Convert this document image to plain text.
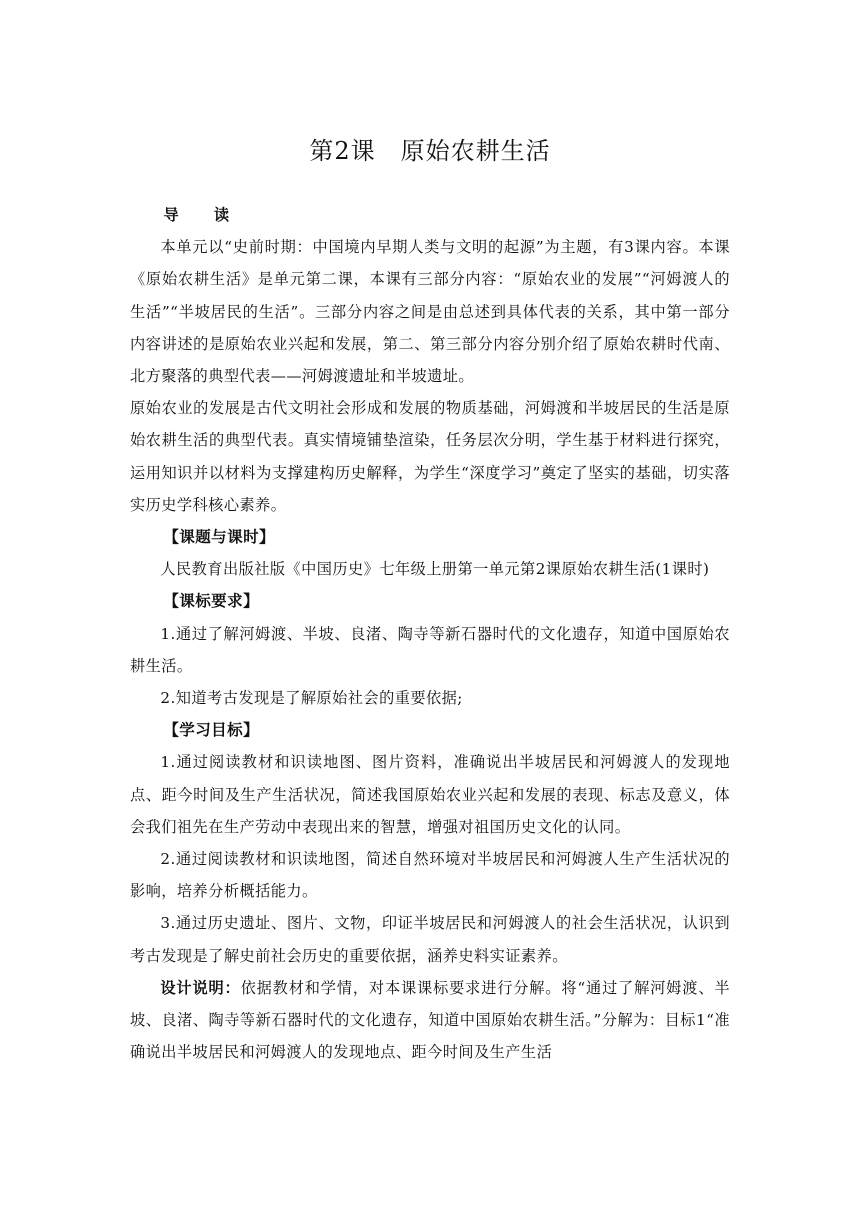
第2课　原始农耕生活

导　读

本单元以“史前时期：中国境内早期人类与文明的起源”为主题，有3课内容。本课《原始农耕生活》是单元第二课，本课有三部分内容：“原始农业的发展”“河姆渡人的生活”“半坡居民的生活”。三部分内容之间是由总述到具体代表的关系，其中第一部分内容讲述的是原始农业兴起和发展，第二、第三部分内容分别介绍了原始农耕时代南、北方聚落的典型代表——河姆渡遗址和半坡遗址。

原始农业的发展是古代文明社会形成和发展的物质基础，河姆渡和半坡居民的生活是原始农耕生活的典型代表。真实情境铺垫渲染，任务层次分明，学生基于材料进行探究，运用知识并以材料为支撑建构历史解释，为学生“深度学习”奠定了坚实的基础，切实落实历史学科核心素养。

【课题与课时】

人民教育出版社版《中国历史》七年级上册第一单元第2课原始农耕生活(1课时)

【课标要求】

1.通过了解河姆渡、半坡、良渚、陶寺等新石器时代的文化遗存，知道中国原始农耕生活。

2.知道考古发现是了解原始社会的重要依据;

【学习目标】

1.通过阅读教材和识读地图、图片资料，准确说出半坡居民和河姆渡人的发现地点、距今时间及生产生活状况，简述我国原始农业兴起和发展的表现、标志及意义，体会我们祖先在生产劳动中表现出来的智慧，增强对祖国历史文化的认同。

2.通过阅读教材和识读地图，简述自然环境对半坡居民和河姆渡人生产生活状况的影响，培养分析概括能力。

3.通过历史遗址、图片、文物，印证半坡居民和河姆渡人的社会生活状况，认识到考古发现是了解史前社会历史的重要依据，涵养史料实证素养。

设计说明：依据教材和学情，对本课课标要求进行分解。将“通过了解河姆渡、半坡、良渚、陶寺等新石器时代的文化遗存，知道中国原始农耕生活。”分解为：目标1“准确说出半坡居民和河姆渡人的发现地点、距今时间及生产生活
